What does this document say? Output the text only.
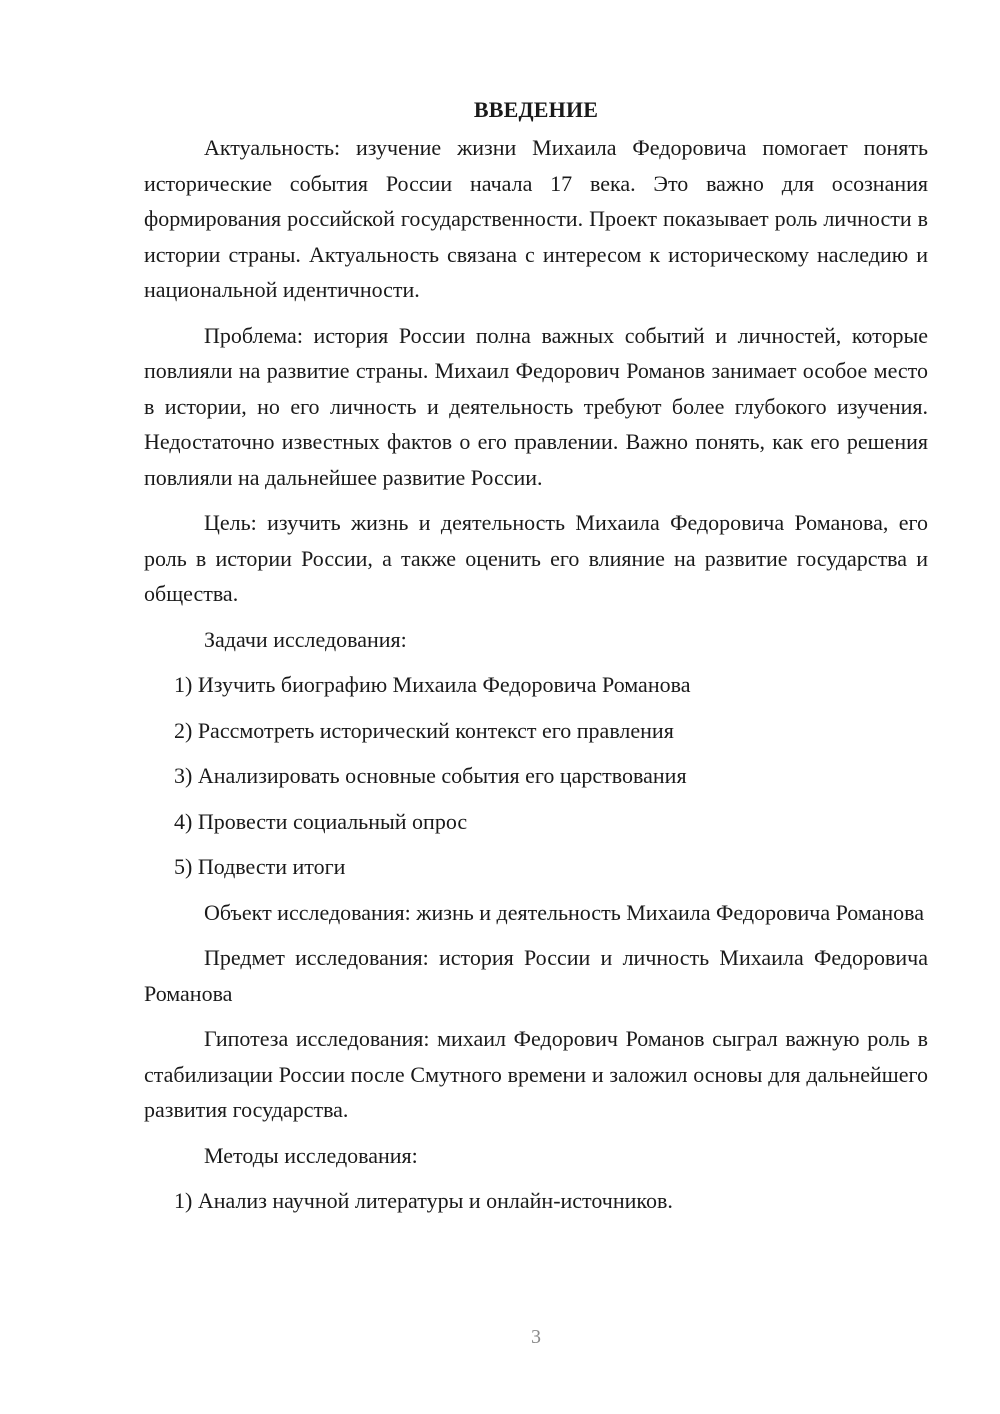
ВВЕДЕНИЕ

Актуальность: изучение жизни Михаила Федоровича помогает понять исторические события России начала 17 века. Это важно для осознания формирования российской государственности. Проект показывает роль личности в истории страны. Актуальность связана с интересом к историческому наследию и национальной идентичности.

Проблема: история России полна важных событий и личностей, которые повлияли на развитие страны. Михаил Федорович Романов занимает особое место в истории, но его личность и деятельность требуют более глубокого изучения. Недостаточно известных фактов о его правлении. Важно понять, как его решения повлияли на дальнейшее развитие России.

Цель: изучить жизнь и деятельность Михаила Федоровича Романова, его роль в истории России, а также оценить его влияние на развитие государства и общества.

Задачи исследования:

1) Изучить биографию Михаила Федоровича Романова
2) Рассмотреть исторический контекст его правления
3) Анализировать основные события его царствования
4) Провести социальный опрос
5) Подвести итоги

Объект исследования: жизнь и деятельность Михаила Федоровича Романова

Предмет исследования: история России и личность Михаила Федоровича Романова

Гипотеза исследования: михаил Федорович Романов сыграл важную роль в стабилизации России после Смутного времени и заложил основы для дальнейшего развития государства.

Методы исследования:

1) Анализ научной литературы и онлайн-источников.
3
